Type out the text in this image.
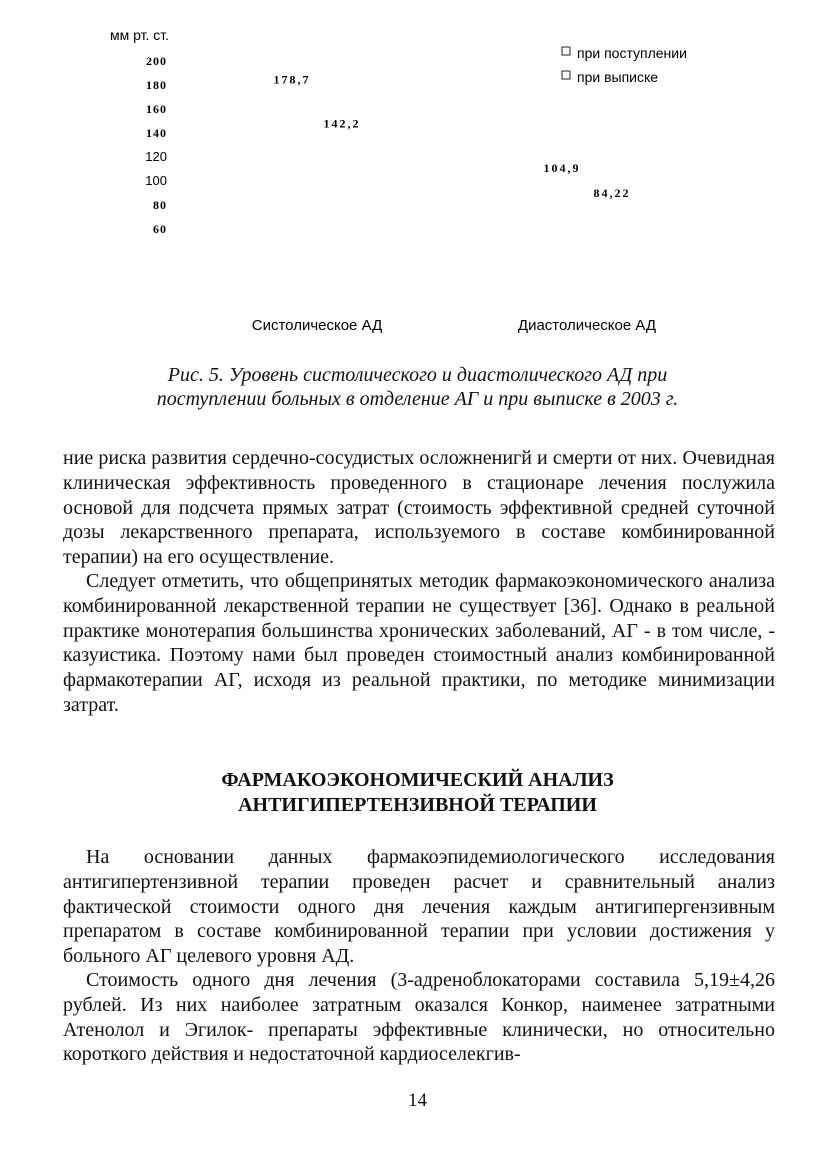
мм рт. ст.
60
80
100
120
140
160
180
200
178,7
104,9
142,2
84,22
Систолическое АД	Диастолическое АД
при поступлении
при выписке
Рис. 5. Уровень систолического и диастолического АД при
поступлении больных в отделение АГ и при выписке в 2003 г.

ние риска развития сердечно-сосудистых осложненигй и смерти от них. Очевидная клиническая эффективность проведенного в стационаре лечения послужила основой для подсчета прямых затрат (стоимость эффективной средней суточной дозы лекарственного препарата, используемого в составе комбинированной терапии) на его осуществление.

Следует отметить, что общепринятых методик фармакоэкономического анализа комбинированной лекарственной терапии не существует [36]. Однако в реальной практике монотерапия большинства хронических заболеваний, АГ - в том числе, - казуистика. Поэтому нами был проведен стоимостный анализ комбинированной фармакотерапии АГ, исходя из реальной практики, по методике минимизации затрат.

ФАРМАКОЭКОНОМИЧЕСКИЙ АНАЛИЗ
АНТИГИПЕРТЕНЗИВНОЙ ТЕРАПИИ

На основании данных фармакоэпидемиологического исследования антигипертензивной терапии проведен расчет и сравнительный анализ фактической стоимости одного дня лечения каждым антигипергензивным препаратом в составе комбинированной терапии при условии достижения у больного АГ целевого уровня АД.

Стоимость одного дня лечения (3-адреноблокаторами составила 5,19±4,26 рублей. Из них наиболее затратным оказался Конкор, наименее затратными Атенолол и Эгилок- препараты эффективные клинически, но относительно короткого действия и недостаточной кардиоселекгив-

14
